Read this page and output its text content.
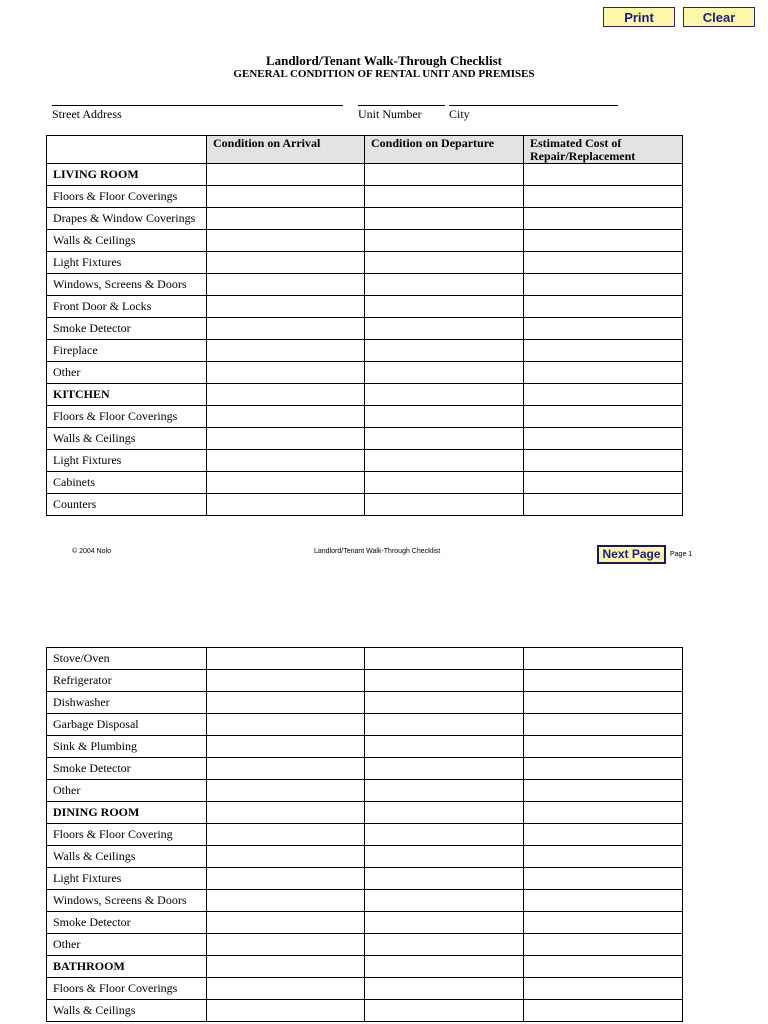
Print	Clear
Landlord/Tenant Walk-Through Checklist
GENERAL CONDITION OF RENTAL UNIT AND PREMISES
Street Address	Unit Number City
	Condition on Arrival	Condition on Departure	Estimated Cost of Repair/Replacement
LIVING ROOM			
Floors & Floor Coverings			
Drapes & Window Coverings			
Walls & Ceilings			
Light Fixtures			
Windows, Screens & Doors			
Front Door & Locks			
Smoke Detector			
Fireplace			
Other			
KITCHEN			
Floors & Floor Coverings			
Walls & Ceilings			
Light Fixtures			
Cabinets			
Counters			
© 2004 Nolo	Landlord/Tenant Walk-Through Checklist	Next Page	Page 1
Stove/Oven			
Refrigerator			
Dishwasher			
Garbage Disposal			
Sink & Plumbing			
Smoke Detector			
Other			
DINING ROOM			
Floors & Floor Covering			
Walls & Ceilings			
Light Fixtures			
Windows, Screens & Doors			
Smoke Detector			
Other			
BATHROOM			
Floors & Floor Coverings			
Walls & Ceilings			
